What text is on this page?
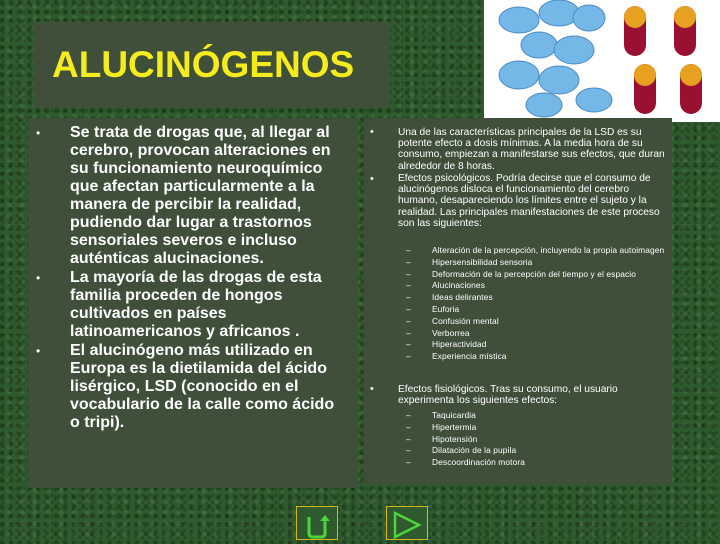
ALUCINÓGENOS
• Se trata de drogas que, al llegar al cerebro, provocan alteraciones en su funcionamiento neuroquímico que afectan particularmente a la manera de percibir la realidad, pudiendo dar lugar a trastornos sensoriales severos e incluso auténticas alucinaciones.
• La mayoría de las drogas de esta familia proceden de hongos cultivados en países latinoamericanos y africanos .
• El alucinógeno más utilizado en Europa es la dietilamida del ácido lisérgico, LSD (conocido en el vocabulario de la calle como ácido o tripi).
• Una de las características principales de la LSD es su potente efecto a dosis mínimas. A la media hora de su consumo, empiezan a manifestarse sus efectos, que duran alrededor de 8 horas.
• Efectos psicológicos. Podría decirse que el consumo de alucinógenos disloca el funcionamiento del cerebro humano, desapareciendo los límites entre el sujeto y la realidad. Las principales manifestaciones de este proceso son las siguientes:
–	Alteración de la percepción, incluyendo la propia autoimagen
–	Hipersensibilidad sensoria
–	Deformación de la percepción del tiempo y el espacio
–	Alucinaciones
–	Ideas delirantes
–	Euforia
–	Confusión mental
–	Verborrea
–	Hiperactividad
–	Experiencia mística
• Efectos fisiológicos. Tras su consumo, el usuario experimenta los siguientes efectos:
–	Taquicardia
–	Hipertermia
–	Hipotensión
–	Dilatación de la pupila
–	Descoordinación motora
